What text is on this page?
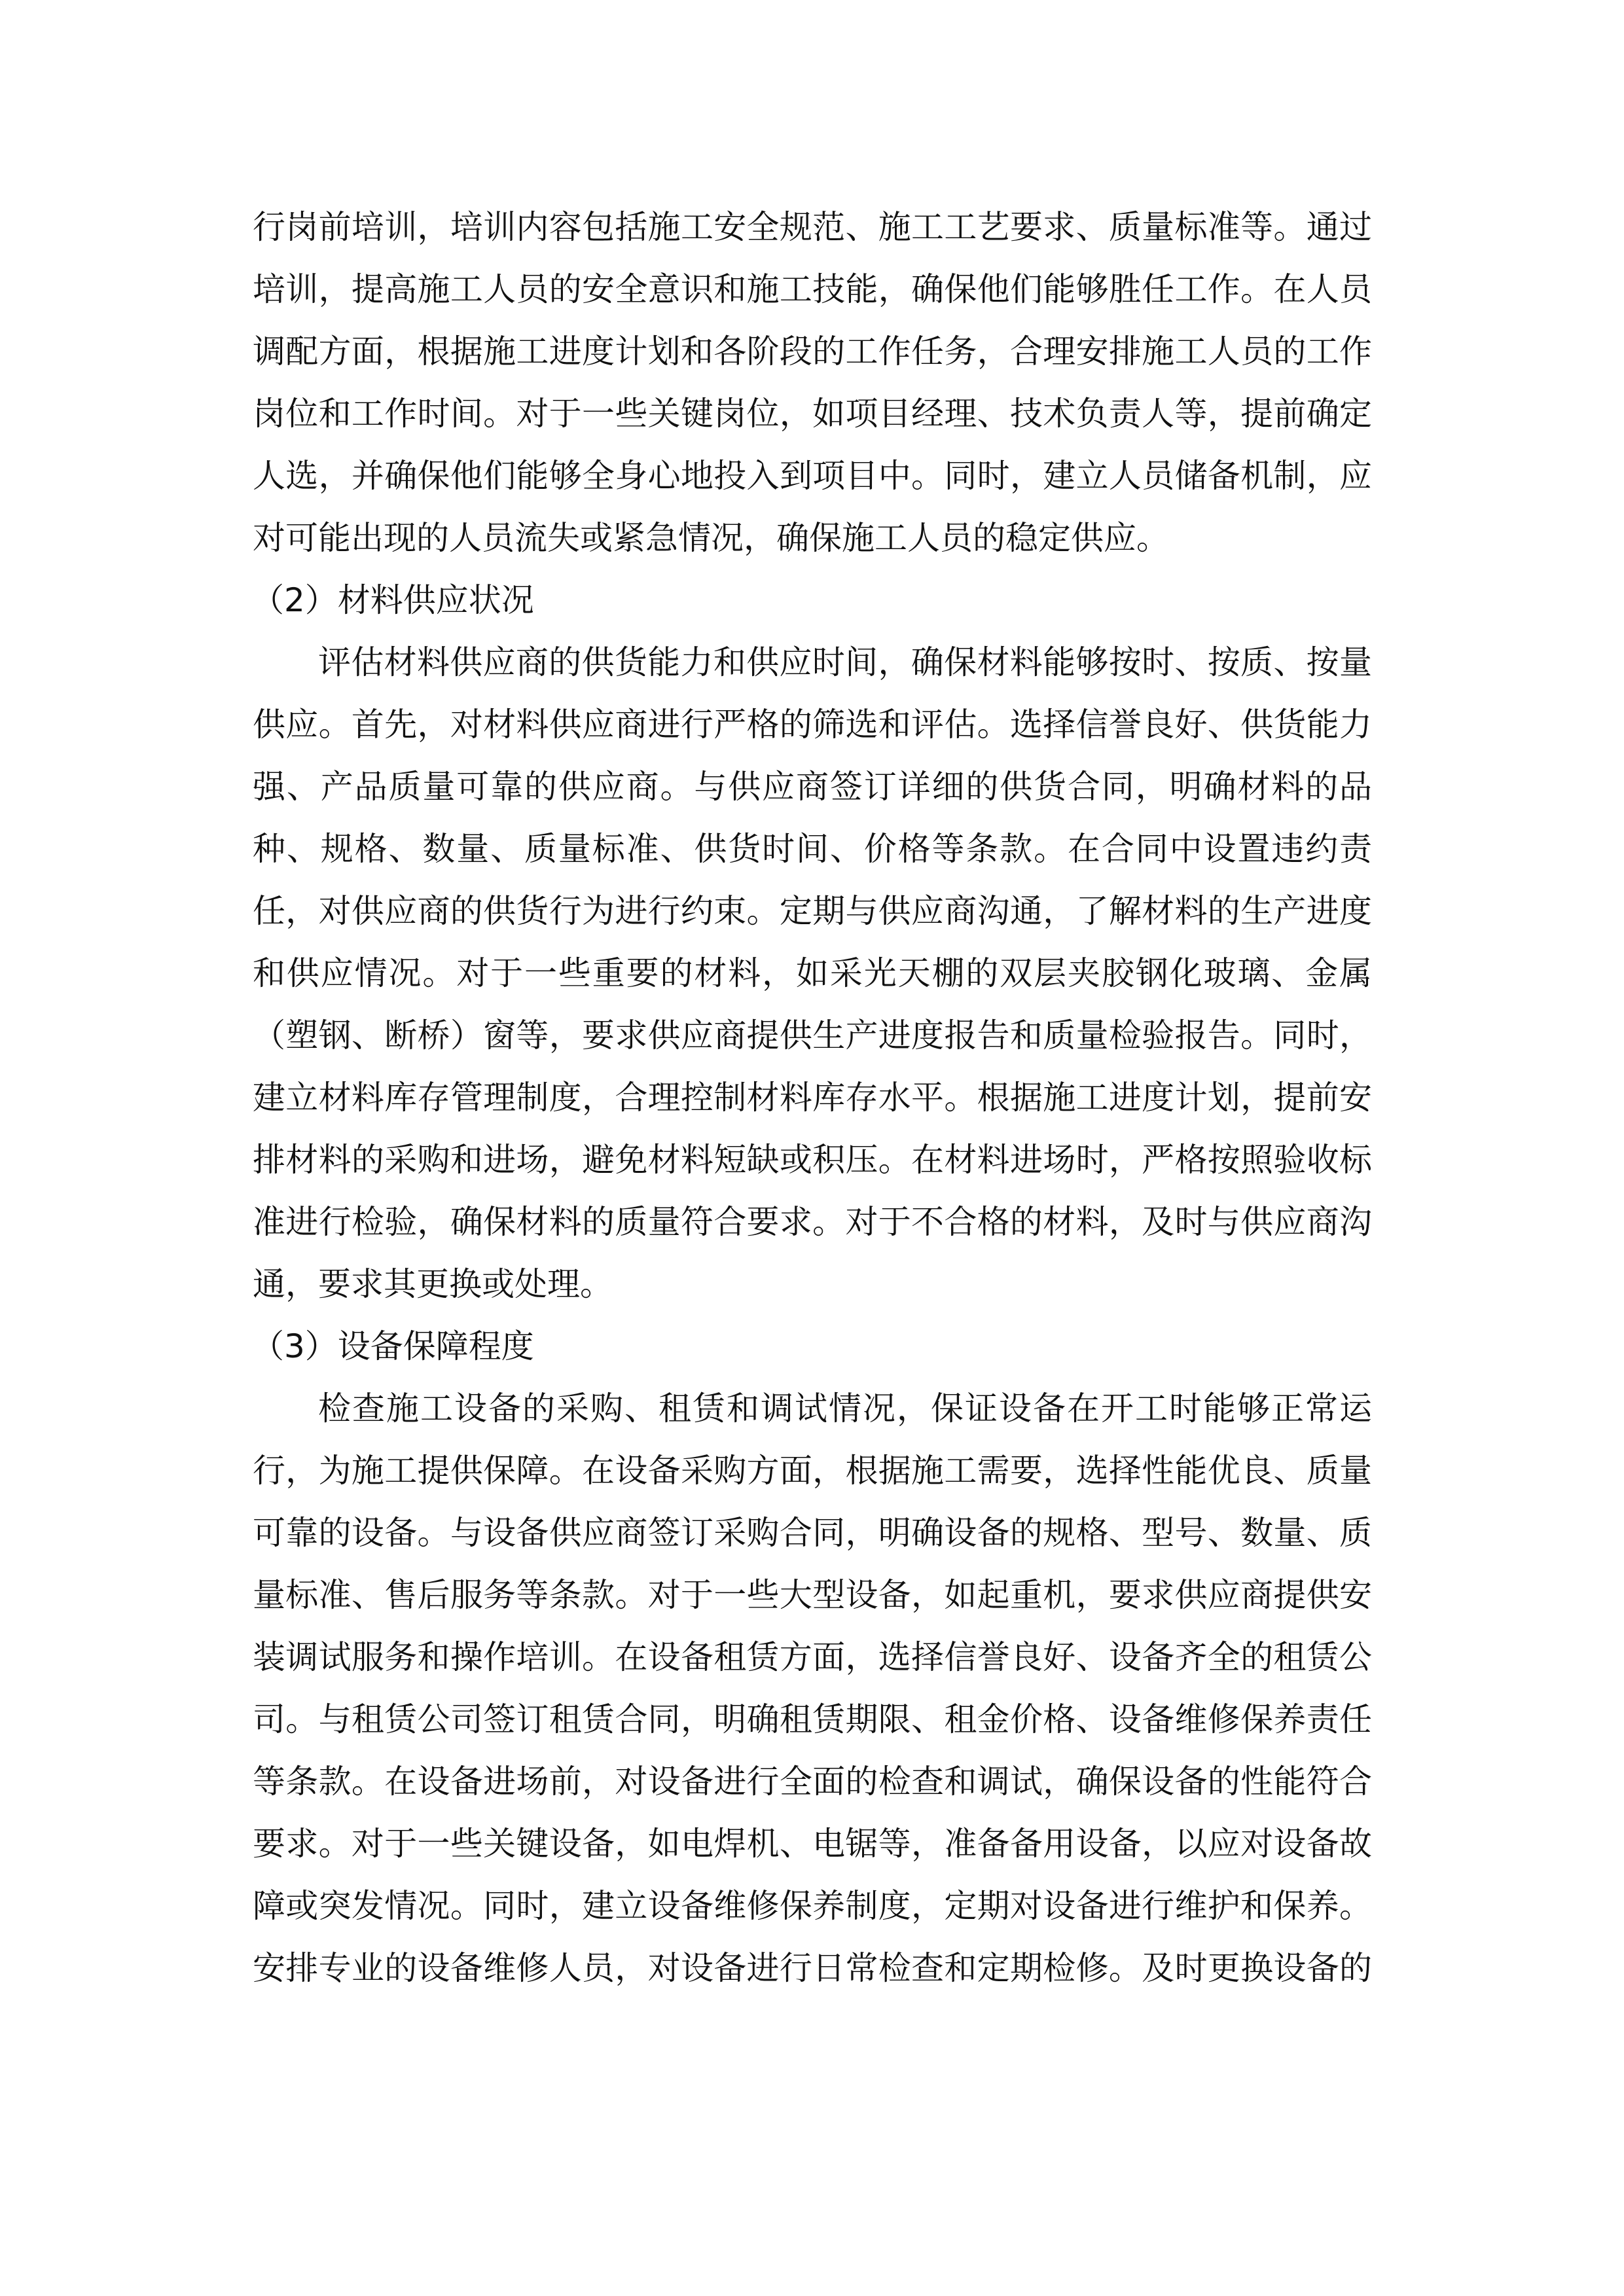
行岗前培训，培训内容包括施工安全规范、施工工艺要求、质量标准等。通过
培训，提高施工人员的安全意识和施工技能，确保他们能够胜任工作。在人员
调配方面，根据施工进度计划和各阶段的工作任务，合理安排施工人员的工作
岗位和工作时间。对于一些关键岗位，如项目经理、技术负责人等，提前确定
人选，并确保他们能够全身心地投入到项目中。同时，建立人员储备机制，应
对可能出现的人员流失或紧急情况，确保施工人员的稳定供应。
（2）材料供应状况
评估材料供应商的供货能力和供应时间，确保材料能够按时、按质、按量
供应。首先，对材料供应商进行严格的筛选和评估。选择信誉良好、供货能力
强、产品质量可靠的供应商。与供应商签订详细的供货合同，明确材料的品
种、规格、数量、质量标准、供货时间、价格等条款。在合同中设置违约责
任，对供应商的供货行为进行约束。定期与供应商沟通，了解材料的生产进度
和供应情况。对于一些重要的材料，如采光天棚的双层夹胶钢化玻璃、金属
（塑钢、断桥）窗等，要求供应商提供生产进度报告和质量检验报告。同时，
建立材料库存管理制度，合理控制材料库存水平。根据施工进度计划，提前安
排材料的采购和进场，避免材料短缺或积压。在材料进场时，严格按照验收标
准进行检验，确保材料的质量符合要求。对于不合格的材料，及时与供应商沟
通，要求其更换或处理。
（3）设备保障程度
检查施工设备的采购、租赁和调试情况，保证设备在开工时能够正常运
行，为施工提供保障。在设备采购方面，根据施工需要，选择性能优良、质量
可靠的设备。与设备供应商签订采购合同，明确设备的规格、型号、数量、质
量标准、售后服务等条款。对于一些大型设备，如起重机，要求供应商提供安
装调试服务和操作培训。在设备租赁方面，选择信誉良好、设备齐全的租赁公
司。与租赁公司签订租赁合同，明确租赁期限、租金价格、设备维修保养责任
等条款。在设备进场前，对设备进行全面的检查和调试，确保设备的性能符合
要求。对于一些关键设备，如电焊机、电锯等，准备备用设备，以应对设备故
障或突发情况。同时，建立设备维修保养制度，定期对设备进行维护和保养。
安排专业的设备维修人员，对设备进行日常检查和定期检修。及时更换设备的
